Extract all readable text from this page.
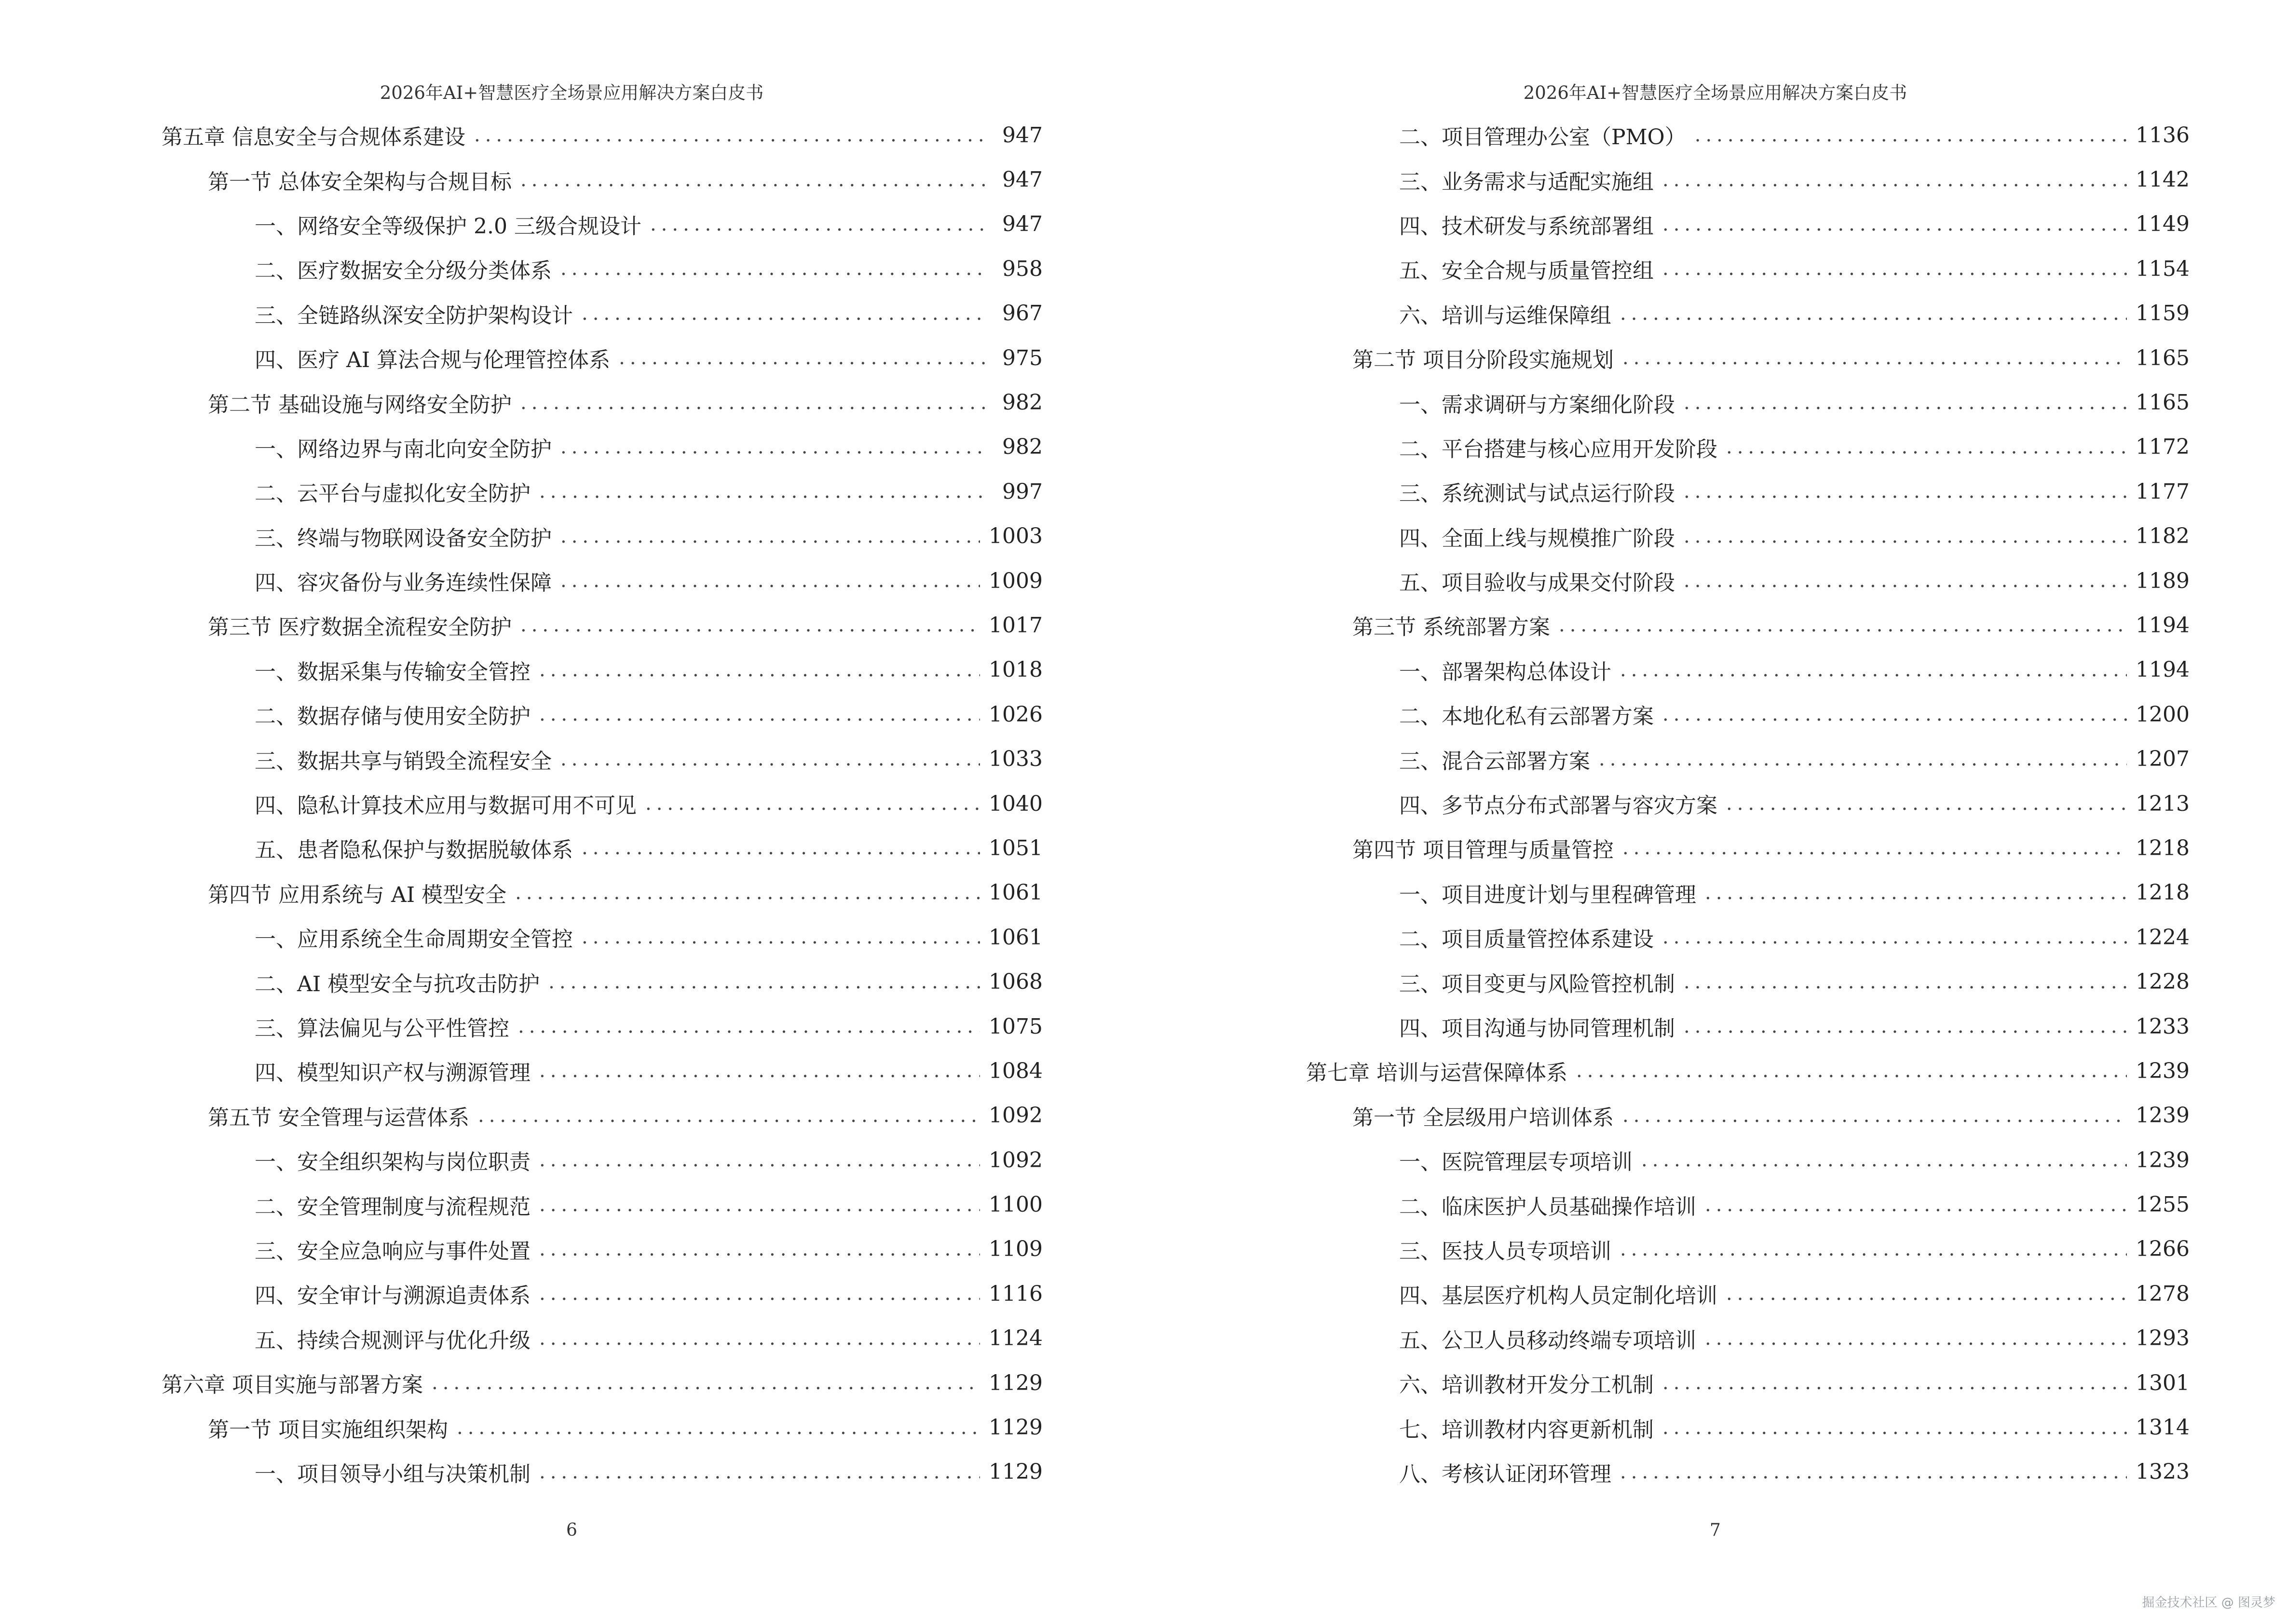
2026年AI+智慧医疗全场景应用解决方案白皮书
第五章 信息安全与合规体系建设 .....	947
第一节 总体安全架构与合规目标 .....	947
一、网络安全等级保护 2.0 三级合规设计 .....	947
二、医疗数据安全分级分类体系 .....	958
三、全链路纵深安全防护架构设计 .....	967
四、医疗 AI 算法合规与伦理管控体系 .....	975
第二节 基础设施与网络安全防护 .....	982
一、网络边界与南北向安全防护 .....	982
二、云平台与虚拟化安全防护 .....	997
三、终端与物联网设备安全防护 .....	1003
四、容灾备份与业务连续性保障 .....	1009
第三节 医疗数据全流程安全防护 .....	1017
一、数据采集与传输安全管控 .....	1018
二、数据存储与使用安全防护 .....	1026
三、数据共享与销毁全流程安全 .....	1033
四、隐私计算技术应用与数据可用不可见 .....	1040
五、患者隐私保护与数据脱敏体系 .....	1051
第四节 应用系统与 AI 模型安全 .....	1061
一、应用系统全生命周期安全管控 .....	1061
二、AI 模型安全与抗攻击防护 .....	1068
三、算法偏见与公平性管控 .....	1075
四、模型知识产权与溯源管理 .....	1084
第五节 安全管理与运营体系 .....	1092
一、安全组织架构与岗位职责 .....	1092
二、安全管理制度与流程规范 .....	1100
三、安全应急响应与事件处置 .....	1109
四、安全审计与溯源追责体系 .....	1116
五、持续合规测评与优化升级 .....	1124
第六章 项目实施与部署方案 .....	1129
第一节 项目实施组织架构 .....	1129
一、项目领导小组与决策机制 .....	1129
6
2026年AI+智慧医疗全场景应用解决方案白皮书
二、项目管理办公室（PMO） .....	1136
三、业务需求与适配实施组 .....	1142
四、技术研发与系统部署组 .....	1149
五、安全合规与质量管控组 .....	1154
六、培训与运维保障组 .....	1159
第二节 项目分阶段实施规划 .....	1165
一、需求调研与方案细化阶段 .....	1165
二、平台搭建与核心应用开发阶段 .....	1172
三、系统测试与试点运行阶段 .....	1177
四、全面上线与规模推广阶段 .....	1182
五、项目验收与成果交付阶段 .....	1189
第三节 系统部署方案 .....	1194
一、部署架构总体设计 .....	1194
二、本地化私有云部署方案 .....	1200
三、混合云部署方案 .....	1207
四、多节点分布式部署与容灾方案 .....	1213
第四节 项目管理与质量管控 .....	1218
一、项目进度计划与里程碑管理 .....	1218
二、项目质量管控体系建设 .....	1224
三、项目变更与风险管控机制 .....	1228
四、项目沟通与协同管理机制 .....	1233
第七章 培训与运营保障体系 .....	1239
第一节 全层级用户培训体系 .....	1239
一、医院管理层专项培训 .....	1239
二、临床医护人员基础操作培训 .....	1255
三、医技人员专项培训 .....	1266
四、基层医疗机构人员定制化培训 .....	1278
五、公卫人员移动终端专项培训 .....	1293
六、培训教材开发分工机制 .....	1301
七、培训教材内容更新机制 .....	1314
八、考核认证闭环管理 .....	1323
7
掘金技术社区 @ 图灵梦
